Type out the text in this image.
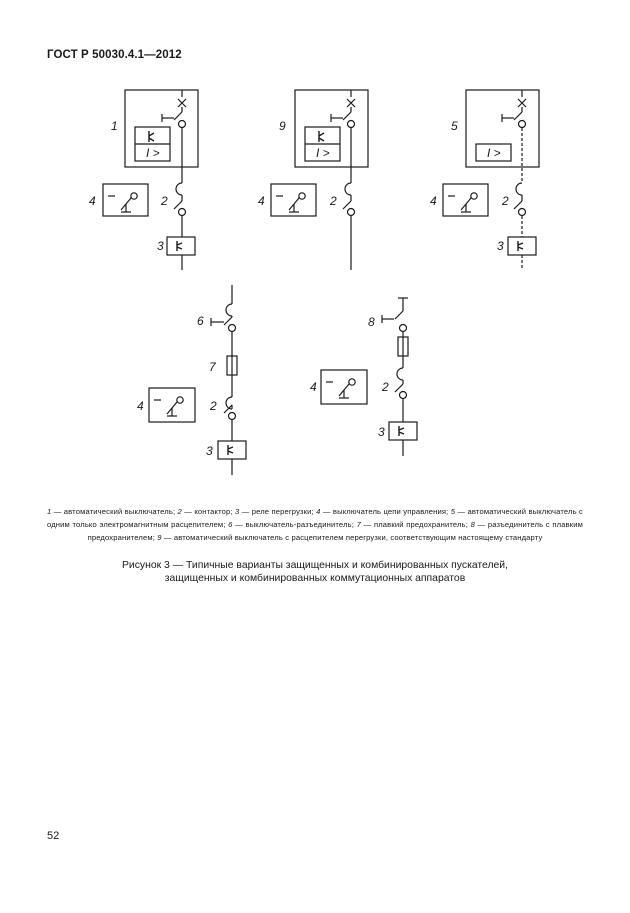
ГОСТ Р 50030.4.1—2012
I >
1
4	2
3
I >
9
4	2
I >
5
4	2
3
6
7
4	2
3
8
4	2
3
1 — автоматический выключатель; 2 — контактор; 3 — реле перегрузки; 4 — выключатель цепи управления; 5 — автоматический выключатель с одним только электромагнитным расцепителем; 6 — выключатель-разъединитель; 7 — плавкий предохранитель; 8 — разъединитель с плавким предохранителем; 9 — автоматический выключатель с расцепителем перегрузки, соответствующим настоящему стандарту
Рисунок 3 — Типичные варианты защищенных и комбинированных пускателей,
защищенных и комбинированных коммутационных аппаратов
52
